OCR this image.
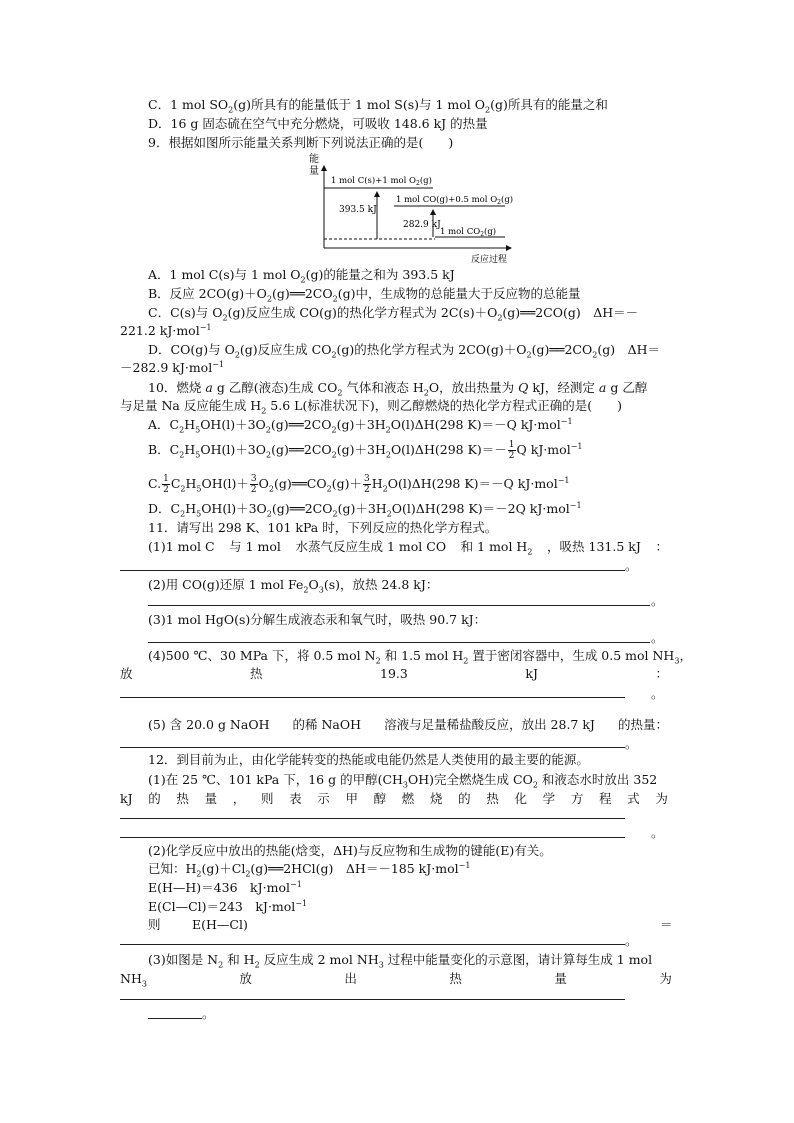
C．1 mol $SO_2(g)$所具有的能量低于 1 mol S(s)与 1 mol $O_2(g)$所具有的能量之和
D．16 g 固态硫在空气中充分燃烧，可吸收 148.6 kJ 的热量
9．根据如图所示能量关系判断下列说法正确的是(　　)
能
量
反应过程
1 mol C(s)+1 mol $O_2(g)$
1 mol CO(g)+0.5 mol $O_2(g)$
1 mol $CO_2(g)$
393.5 kJ
282.9 kJ
A．1 mol C(s)与 1 mol $O_2(g)$的能量之和为 393.5 kJ
B．反应 $2CO(g)+O_2(g)══2CO_2(g)$中，生成物的总能量大于反应物的总能量
C．C(s)与 $O_2(g)$反应生成 CO(g)的热化学方程式为 $2C(s)+O_2(g)══2CO(g)$　ΔH＝－
221.2 kJ·mol$^{-1}$
D．CO(g)与 $O_2(g)$反应生成 $CO_2(g)$的热化学方程式为 $2CO(g)+O_2(g)══2CO_2(g)$　ΔH＝
－282.9 kJ·mol$^{-1}$
10．燃烧 a g 乙醇(液态)生成 $CO_2$ 气体和液态 $H_2O$，放出热量为 Q kJ，经测定 a g 乙醇
与足量 Na 反应能生成 $H_2$ 5.6 L(标准状况下)，则乙醇燃烧的热化学方程式正确的是(　　)
A．$C_2H_5OH(l)+3O_2(g)══2CO_2(g)+3H_2O(l)\Delta H(298$ K)＝－Q kJ·mol$^{-1}$
B．$C_2H_5OH(l)+3O_2(g)══2CO_2(g)+3H_2O(l)\Delta H(298$ $K)=- \frac{1}{2}$ Q kJ·mol$^{-1}$
C. $\frac{1}{2} C_2H_5OH(l)+ \frac{3}{2}$ $O_2(g)══CO_2(g)+ \frac{3}{2} H_2O(l)\Delta H(298$ K)＝－Q kJ·mol$^{-1}$
D．$C_2H_5OH(l)+3O_2(g)══2CO_2(g)+3H_2O(l)\Delta H(298$ K)＝－2Q kJ·mol$^{-1}$
11．请写出 298 K、101 kPa 时，下列反应的热化学方程式。
(1)1 mol C 与 1 mol 水蒸气反应生成 1 mol CO 和 1 mol $H_2$ ，吸热 131.5 kJ ：
。
(2)用 CO(g)还原 1 mol $Fe_2O_3(s)$，放热 24.8 kJ：
。
(3)1 mol HgO(s)分解生成液态汞和氧气时，吸热 90.7 kJ：
。
(4)500 ℃、30 MPa 下，将 0.5 mol $N_2$ 和 1.5 mol $H_2$ 置于密闭容器中，生成 0.5 mol $NH_3$，
放	热	19.3	kJ	：
。
(5) 含 20.0 g NaOH 的稀 NaOH 溶液与足量稀盐酸反应，放出 28.7 kJ 的热量：
。
12．到目前为止，由化学能转变的热能或电能仍然是人类使用的最主要的能源。
(1)在 25 ℃、101 kPa 下，16 g 的甲醇$(CH_3OH)$完全燃烧生成 $CO_2$ 和液态水时放出 352
kJ 的 热 量 ， 则 表 示 甲 醇 燃 烧 的 热 化 学 方 程 式 为
。
(2)化学反应中放出的热能(焓变，ΔH)与反应物和生成物的键能(E)有关。
已知：$H_2(g)+Cl_2(g)══2HCl(g)$　ΔH＝－185 kJ·mol$^{-1}$
E(H—H)＝436　kJ·mol$^{-1}$
E(Cl—Cl)＝243　kJ·mol$^{-1}$
则	E(H—Cl)	＝
。
(3)如图是 $N_2$ 和 $H_2$ 反应生成 2 mol $NH_3$ 过程中能量变化的示意图，请计算每生成 1 mol
$NH_3$	放	出	热	量	为
。
